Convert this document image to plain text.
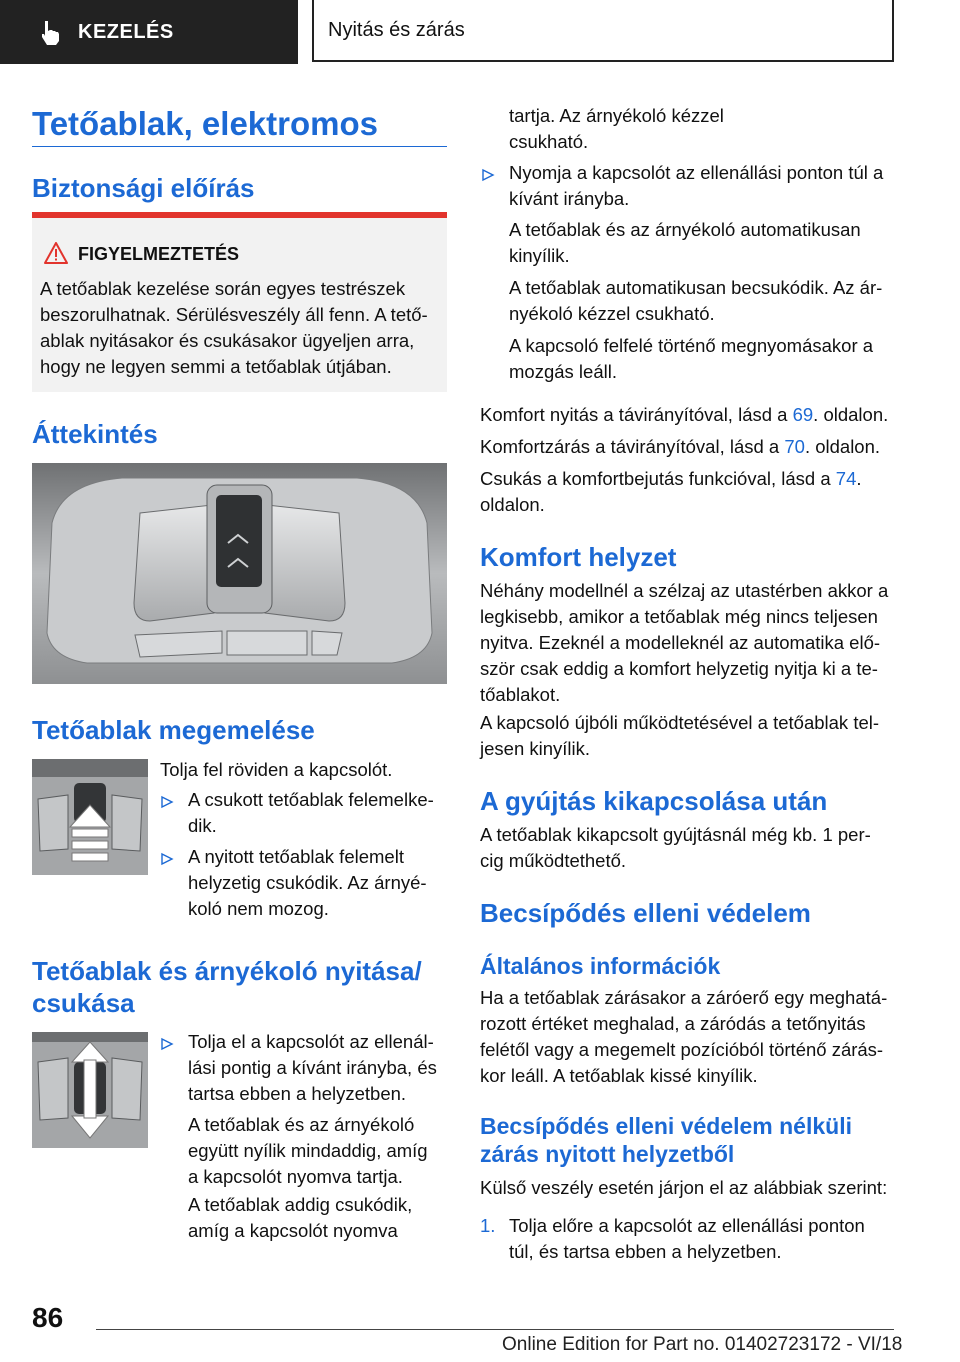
KEZELÉS	Nyitás és zárás
Tetőablak, elektromos
Biztonsági előírás
FIGYELMEZTETÉS
A tetőablak kezelése során egyes testrészek
beszorulhatnak. Sérülésveszély áll fenn. A tető-
ablak nyitásakor és csukásakor ügyeljen arra,
hogy ne legyen semmi a tetőablak útjában.
Áttekintés
Tetőablak megemelése
Tolja fel röviden a kapcsolót.
A csukott tetőablak felemelke-
dik.
A nyitott tetőablak felemelt
helyzetig csukódik. Az árnyé-
koló nem mozog.
Tetőablak és árnyékoló nyitása/
csukása
Tolja el a kapcsolót az ellenál-
lási pontig a kívánt irányba, és
tartsa ebben a helyzetben.
A tetőablak és az árnyékoló
együtt nyílik mindaddig, amíg
a kapcsolót nyomva tartja.
A tetőablak addig csukódik,
amíg a kapcsolót nyomva
tartja. Az árnyékoló kézzel
csukható.
Nyomja a kapcsolót az ellenállási ponton túl a
kívánt irányba.
A tetőablak és az árnyékoló automatikusan
kinyílik.
A tetőablak automatikusan becsukódik. Az ár-
nyékoló kézzel csukható.
A kapcsoló felfelé történő megnyomásakor a
mozgás leáll.
Komfort nyitás a távirányítóval, lásd a 69. oldalon.
Komfortzárás a távirányítóval, lásd a 70. oldalon.
Csukás a komfortbejutás funkcióval, lásd a 74.
oldalon.
Komfort helyzet
Néhány modellnél a szélzaj az utastérben akkor a
legkisebb, amikor a tetőablak még nincs teljesen
nyitva. Ezeknél a modelleknél az automatika elő-
ször csak eddig a komfort helyzetig nyitja ki a te-
tőablakot.
A kapcsoló újbóli működtetésével a tetőablak tel-
jesen kinyílik.
A gyújtás kikapcsolása után
A tetőablak kikapcsolt gyújtásnál még kb. 1 per-
cig működtethető.
Becsípődés elleni védelem
Általános információk
Ha a tetőablak zárásakor a záróerő egy meghatá-
rozott értéket meghalad, a záródás a tetőnyitás
felétől vagy a megemelt pozícióból történő zárás-
kor leáll. A tetőablak kissé kinyílik.
Becsípődés elleni védelem nélküli
zárás nyitott helyzetből
Külső veszély esetén járjon el az alábbiak szerint:
1. Tolja előre a kapcsolót az ellenállási ponton
túl, és tartsa ebben a helyzetben.
86
Online Edition for Part no. 01402723172 - VI/18
